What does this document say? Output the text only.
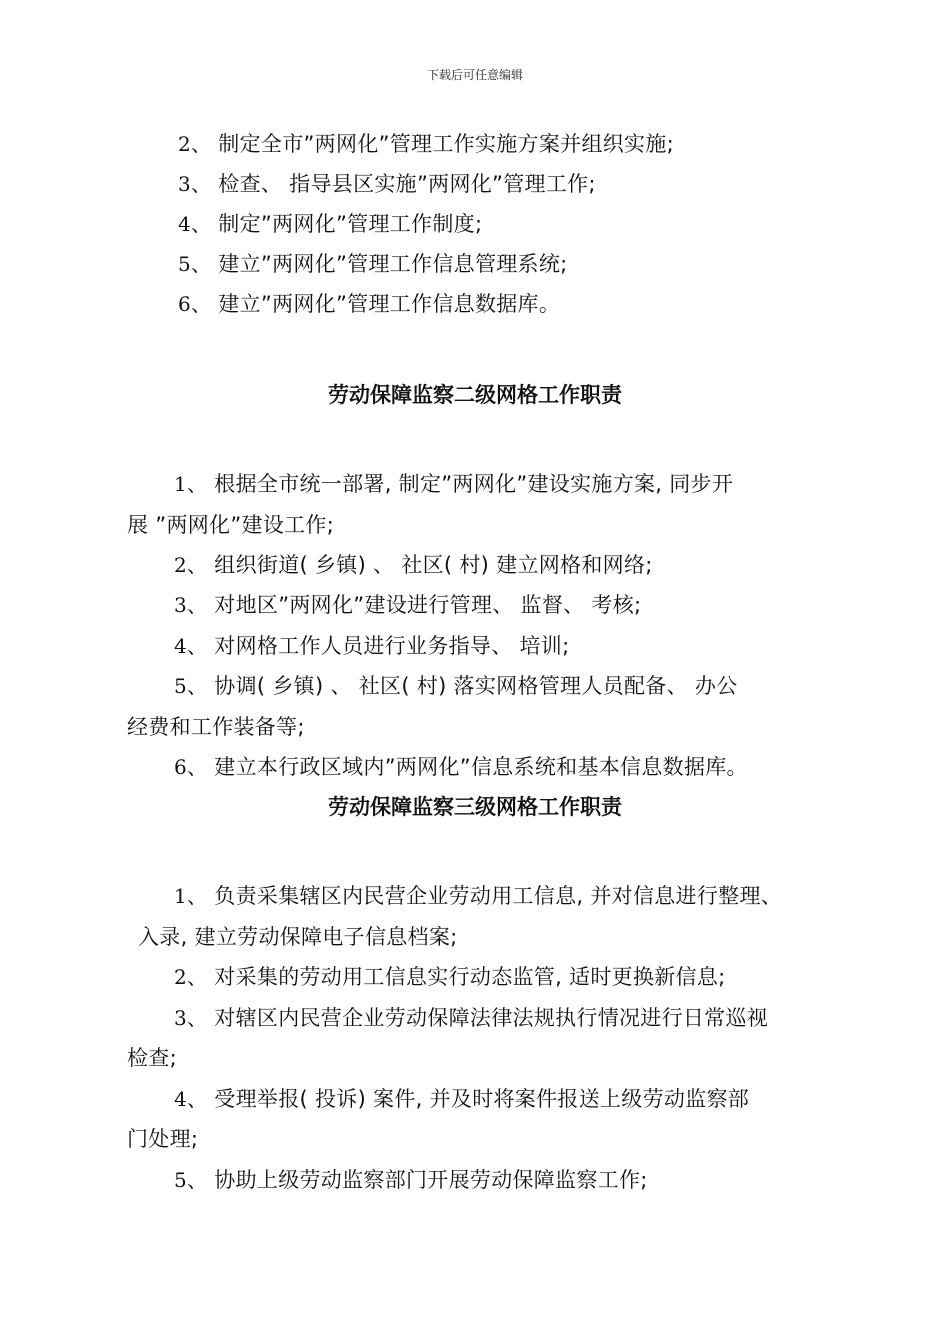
下载后可任意编辑
2、 制定全市”两网化”管理工作实施方案并组织实施;
3、 检查、 指导县区实施”两网化”管理工作;
4、 制定”两网化”管理工作制度;
5、 建立”两网化”管理工作信息管理系统;
6、 建立”两网化”管理工作信息数据库。
劳动保障监察二级网格工作职责
1、 根据全市统一部署, 制定”两网化”建设实施方案, 同步开
展 ”两网化”建设工作;
2、 组织街道( 乡镇) 、 社区( 村) 建立网格和网络;
3、 对地区”两网化”建设进行管理、 监督、 考核;
4、 对网格工作人员进行业务指导、 培训;
5、 协调( 乡镇) 、 社区( 村) 落实网格管理人员配备、 办公
经费和工作装备等;
6、 建立本行政区域内”两网化”信息系统和基本信息数据库。
劳动保障监察三级网格工作职责
1、 负责采集辖区内民营企业劳动用工信息, 并对信息进行整理、
入录, 建立劳动保障电子信息档案;
2、 对采集的劳动用工信息实行动态监管, 适时更换新信息;
3、 对辖区内民营企业劳动保障法律法规执行情况进行日常巡视
检查;
4、 受理举报( 投诉) 案件, 并及时将案件报送上级劳动监察部
门处理;
5、 协助上级劳动监察部门开展劳动保障监察工作;
